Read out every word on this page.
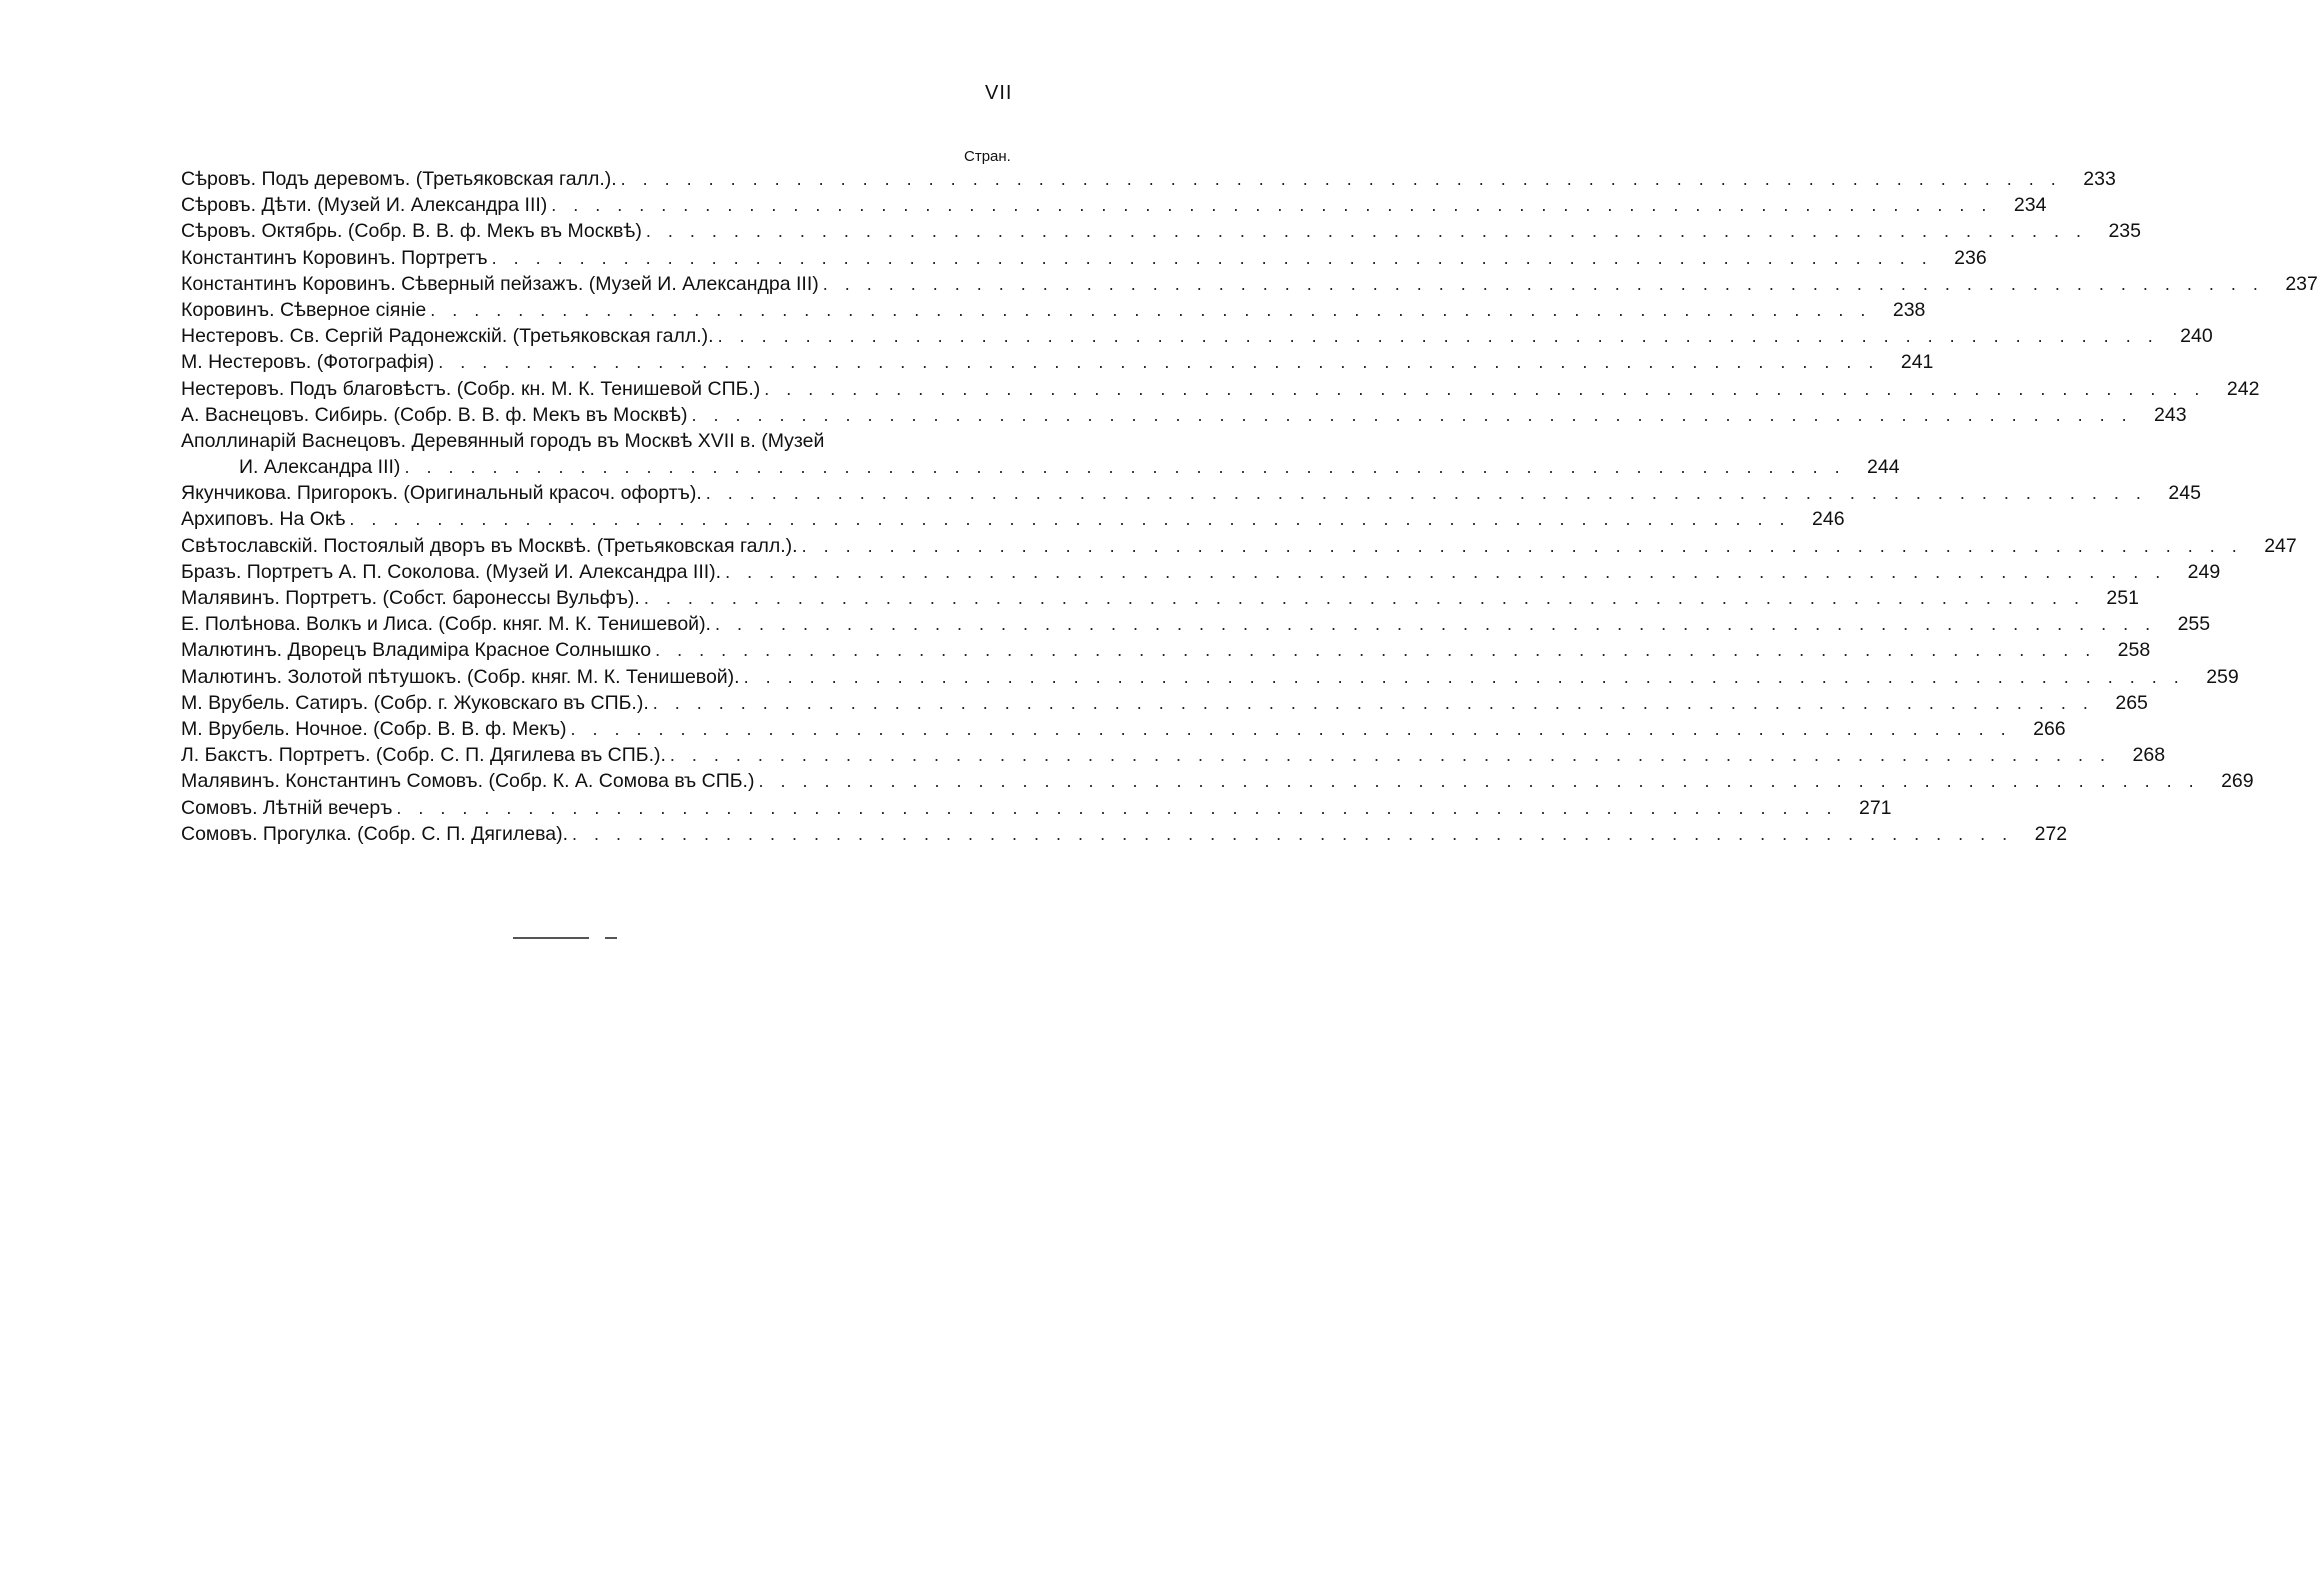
VII
Стран.
Сѣровъ. Подъ деревомъ. (Третьяковская галл.). . . . . . . . . . . . . . . . . . . . . . . . . . . . . . . . . . . . . . . . . . . . . . . . . . . . . . . . . . . . . . . . . . .	233
Сѣровъ. Дѣти. (Музей И. Александра III) . . . . . . . . . . . . . . . . . . . . . . . . . . . . . . . . . . . . . . . . . . . . . . . . . . . . . . . . . . . . . . . . . .	234
Сѣровъ. Октябрь. (Собр. В. В. ф. Мекъ въ Москвѣ) . . . . . . . . . . . . . . . . . . . . . . . . . . . . . . . . . . . . . . . . . . . . . . . . . . . . . . . . . . . . . . . . . .	235
Константинъ Коровинъ. Портретъ . . . . . . . . . . . . . . . . . . . . . . . . . . . . . . . . . . . . . . . . . . . . . . . . . . . . . . . . . . . . . . . . . .	236
Константинъ Коровинъ. Сѣверный пейзажъ. (Музей И. Александра III) . . . . . . . . . . . . . . . . . . . . . . . . . . . . . . . . . . . . . . . . . . . . . . . . . . . . . . . . . . . . . . . . . .	237
Коровинъ. Сѣверное сіяніе . . . . . . . . . . . . . . . . . . . . . . . . . . . . . . . . . . . . . . . . . . . . . . . . . . . . . . . . . . . . . . . . . .	238
Нестеровъ. Св. Сергій Радонежскій. (Третьяковская галл.). . . . . . . . . . . . . . . . . . . . . . . . . . . . . . . . . . . . . . . . . . . . . . . . . . . . . . . . . . . . . . . . . . .	240
М. Нестеровъ. (Фотографія) . . . . . . . . . . . . . . . . . . . . . . . . . . . . . . . . . . . . . . . . . . . . . . . . . . . . . . . . . . . . . . . . . .	241
Нестеровъ. Подъ благовѣстъ. (Собр. кн. М. К. Тенишевой СПБ.) . . . . . . . . . . . . . . . . . . . . . . . . . . . . . . . . . . . . . . . . . . . . . . . . . . . . . . . . . . . . . . . . . .	242
А. Васнецовъ. Сибирь. (Собр. В. В. ф. Мекъ въ Москвѣ) . . . . . . . . . . . . . . . . . . . . . . . . . . . . . . . . . . . . . . . . . . . . . . . . . . . . . . . . . . . . . . . . . .	243
Аполлинарій Васнецовъ. Деревянный городъ въ Москвѣ XVII в. (Музей
И. Александра III) . . . . . . . . . . . . . . . . . . . . . . . . . . . . . . . . . . . . . . . . . . . . . . . . . . . . . . . . . . . . . . . . . .	244
Якунчикова. Пригорокъ. (Оригинальный красоч. офортъ). . . . . . . . . . . . . . . . . . . . . . . . . . . . . . . . . . . . . . . . . . . . . . . . . . . . . . . . . . . . . . . . . . .	245
Архиповъ. На Окѣ . . . . . . . . . . . . . . . . . . . . . . . . . . . . . . . . . . . . . . . . . . . . . . . . . . . . . . . . . . . . . . . . . .	246
Свѣтославскій. Постоялый дворъ въ Москвѣ. (Третьяковская галл.). . . . . . . . . . . . . . . . . . . . . . . . . . . . . . . . . . . . . . . . . . . . . . . . . . . . . . . . . . . . . . . . . . .	247
Бразъ. Портретъ А. П. Соколова. (Музей И. Александра III). . . . . . . . . . . . . . . . . . . . . . . . . . . . . . . . . . . . . . . . . . . . . . . . . . . . . . . . . . . . . . . . . . .	249
Малявинъ. Портретъ. (Собст. баронессы Вульфъ). . . . . . . . . . . . . . . . . . . . . . . . . . . . . . . . . . . . . . . . . . . . . . . . . . . . . . . . . . . . . . . . . . .	251
Е. Полѣнова. Волкъ и Лиса. (Собр. княг. М. К. Тенишевой). . . . . . . . . . . . . . . . . . . . . . . . . . . . . . . . . . . . . . . . . . . . . . . . . . . . . . . . . . . . . . . . . . .	255
Малютинъ. Дворецъ Владиміра Красное Солнышко . . . . . . . . . . . . . . . . . . . . . . . . . . . . . . . . . . . . . . . . . . . . . . . . . . . . . . . . . . . . . . . . . .	258
Малютинъ. Золотой пѣтушокъ. (Собр. княг. М. К. Тенишевой). . . . . . . . . . . . . . . . . . . . . . . . . . . . . . . . . . . . . . . . . . . . . . . . . . . . . . . . . . . . . . . . . . .	259
М. Врубель. Сатиръ. (Собр. г. Жуковскаго въ СПБ.). . . . . . . . . . . . . . . . . . . . . . . . . . . . . . . . . . . . . . . . . . . . . . . . . . . . . . . . . . . . . . . . . . .	265
М. Врубель. Ночное. (Собр. В. В. ф. Мекъ) . . . . . . . . . . . . . . . . . . . . . . . . . . . . . . . . . . . . . . . . . . . . . . . . . . . . . . . . . . . . . . . . . .	266
Л. Бакстъ. Портретъ. (Собр. С. П. Дягилева въ СПБ.). . . . . . . . . . . . . . . . . . . . . . . . . . . . . . . . . . . . . . . . . . . . . . . . . . . . . . . . . . . . . . . . . . .	268
Малявинъ. Константинъ Сомовъ. (Собр. К. А. Сомова въ СПБ.) . . . . . . . . . . . . . . . . . . . . . . . . . . . . . . . . . . . . . . . . . . . . . . . . . . . . . . . . . . . . . . . . . .	269
Сомовъ. Лѣтній вечеръ . . . . . . . . . . . . . . . . . . . . . . . . . . . . . . . . . . . . . . . . . . . . . . . . . . . . . . . . . . . . . . . . . .	271
Сомовъ. Прогулка. (Собр. С. П. Дягилева). . . . . . . . . . . . . . . . . . . . . . . . . . . . . . . . . . . . . . . . . . . . . . . . . . . . . . . . . . . . . . . . . . .	272
